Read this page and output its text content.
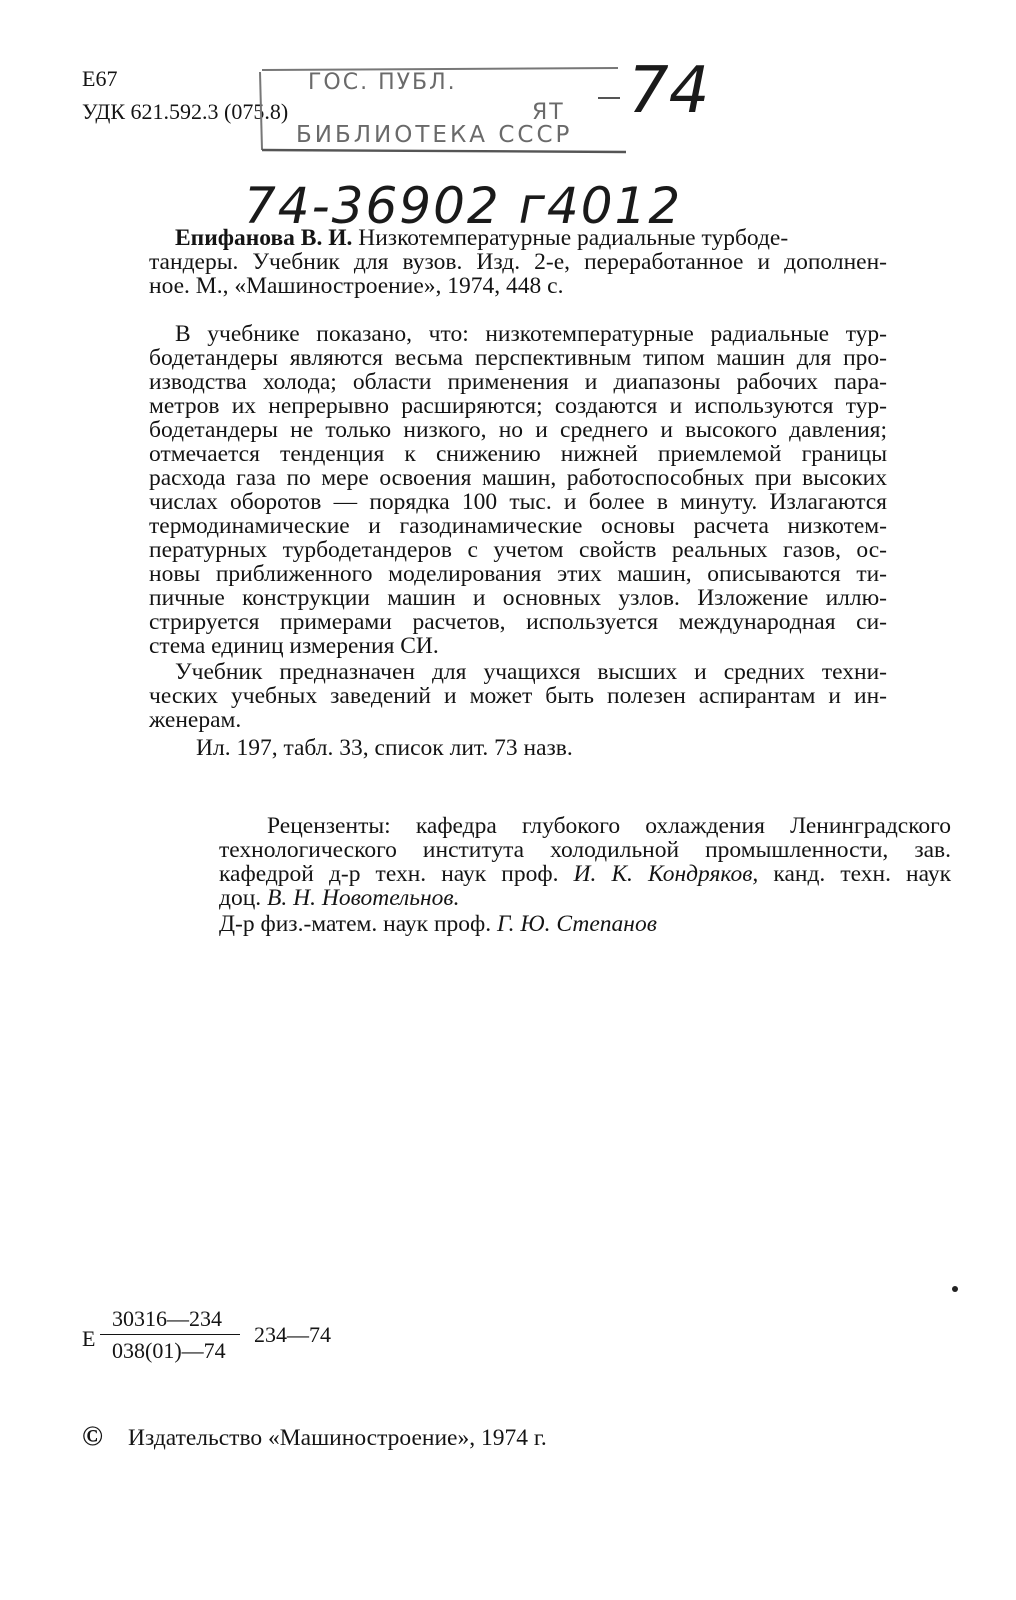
Е67
УДК 621.592.3 (075.8)
ГОС. ПУБЛ.
ЯТ
БИБЛИОТЕКА СССР
74
74-36902 г4012
Епифанова В. И. Низкотемпературные радиальные турбоде-
тандеры. Учебник для вузов. Изд. 2-е, переработанное и дополнен-
ное. М., «Машиностроение», 1974, 448 с.
В учебнике показано, что: низкотемпературные радиальные тур-
бодетандеры являются весьма перспективным типом машин для про-
изводства холода; области применения и диапазоны рабочих пара-
метров их непрерывно расширяются; создаются и используются тур-
бодетандеры не только низкого, но и среднего и высокого давления;
отмечается тенденция к снижению нижней приемлемой границы
расхода газа по мере освоения машин, работоспособных при высоких
числах оборотов — порядка 100 тыс. и более в минуту. Излагаются
термодинамические и газодинамические основы расчета низкотем-
пературных турбодетандеров с учетом свойств реальных газов, ос-
новы приближенного моделирования этих машин, описываются ти-
пичные конструкции машин и основных узлов. Изложение иллю-
стрируется примерами расчетов, используется международная си-
стема единиц измерения СИ.
Учебник предназначен для учащихся высших и средних техни-
ческих учебных заведений и может быть полезен аспирантам и ин-
женерам.
Ил. 197, табл. 33, список лит. 73 назв.
Рецензенты: кафедра глубокого охлаждения Ленинградского
технологического института холодильной промышленности, зав.
кафедрой д-р техн. наук проф. И. К. Кондряков, канд. техн. наук
доц. В. Н. Новотельнов.
Д-р физ.-матем. наук проф. Г. Ю. Степанов
Е
30316—234
038(01)—74
234—74
© Издательство «Машиностроение», 1974 г.
